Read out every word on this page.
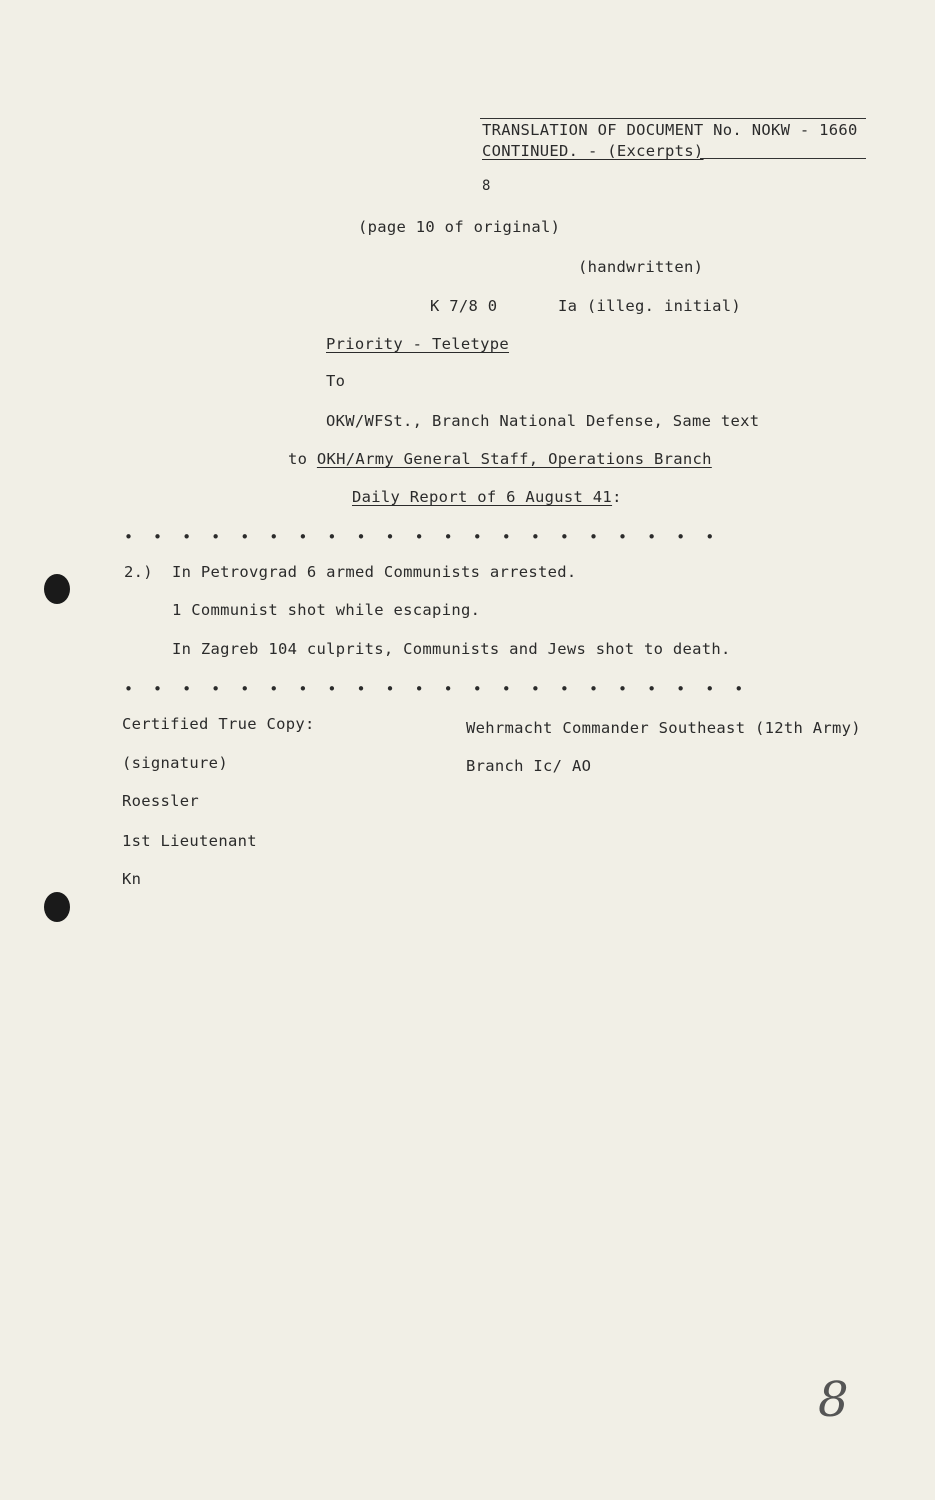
TRANSLATION OF DOCUMENT No. NOKW - 1660
CONTINUED. - (Excerpts)
8
(page 10 of original)
(handwritten)
K 7/8 0	Ia (illeg. initial)
Priority - Teletype
To
OKW/WFSt., Branch National Defense, Same text
to OKH/Army General Staff, Operations Branch
Daily Report of 6 August 41:
• • • • • • • • • • • • • • • • • • • • •
2.) In Petrovgrad 6 armed Communists arrested.
1 Communist shot while escaping.
In Zagreb 104 culprits, Communists and Jews shot to death.
• • • • • • • • • • • • • • • • • • • • • •
Certified True Copy:
(signature)
Roessler
1st Lieutenant
Kn
Wehrmacht Commander Southeast (12th Army)
Branch Ic/ AO
8
